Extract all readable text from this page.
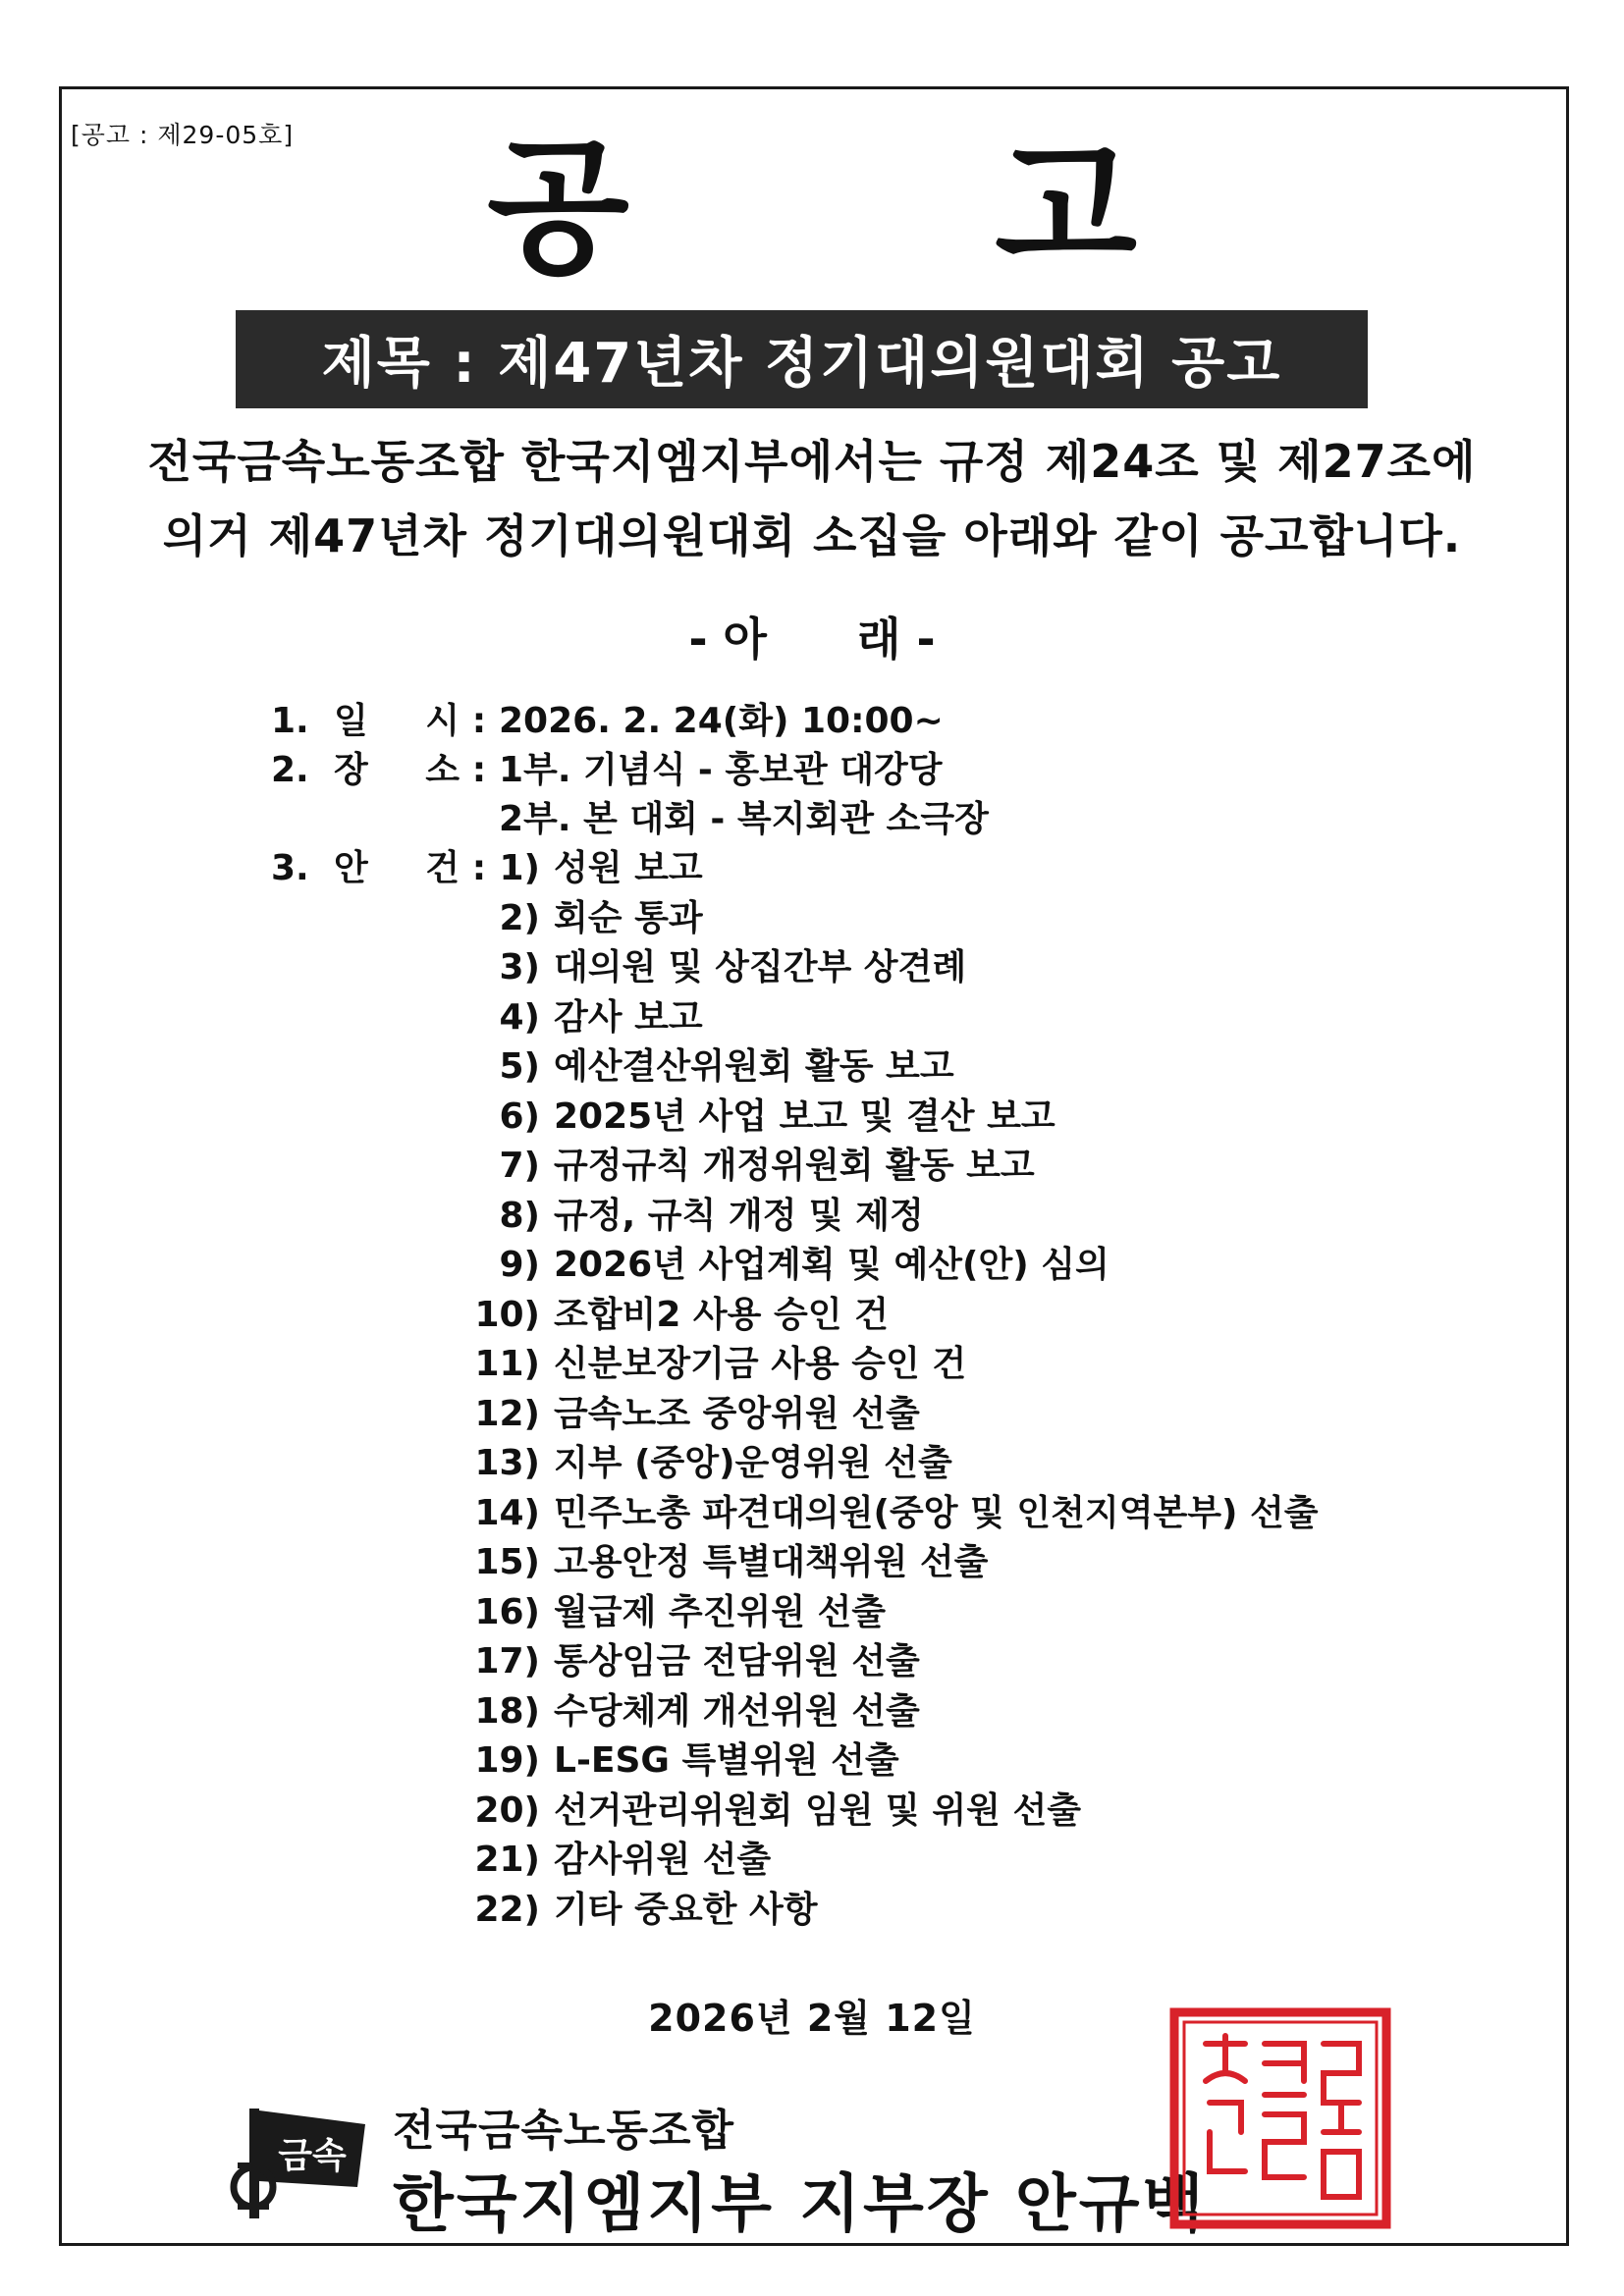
[공고 : 제29-05호]	공 고
제목 : 제47년차 정기대의원대회 공고
전국금속노동조합 한국지엠지부에서는 규정 제24조 및 제27조에
의거 제47년차 정기대의원대회 소집을 아래와 같이 공고합니다.
- 아　　래 -
1. 일 시 : 2026. 2. 24(화) 10:00~
2. 장 소 : 1부. 기념식 - 홍보관 대강당
2부. 본 대회 - 복지회관 소극장
3. 안 건 : 1) 성원 보고
2) 회순 통과
3) 대의원 및 상집간부 상견례
4) 감사 보고
5) 예산결산위원회 활동 보고
6) 2025년 사업 보고 및 결산 보고
7) 규정규칙 개정위원회 활동 보고
8) 규정, 규칙 개정 및 제정
9) 2026년 사업계획 및 예산(안) 심의
10) 조합비2 사용 승인 건
11) 신분보장기금 사용 승인 건
12) 금속노조 중앙위원 선출
13) 지부 (중앙)운영위원 선출
14) 민주노총 파견대의원(중앙 및 인천지역본부) 선출
15) 고용안정 특별대책위원 선출
16) 월급제 추진위원 선출
17) 통상임금 전담위원 선출
18) 수당체계 개선위원 선출
19) L-ESG 특별위원 선출
20) 선거관리위원회 임원 및 위원 선출
21) 감사위원 선출
22) 기타 중요한 사항
2026년 2월 12일
금속
전국금속노동조합
한국지엠지부 지부장 안규백
